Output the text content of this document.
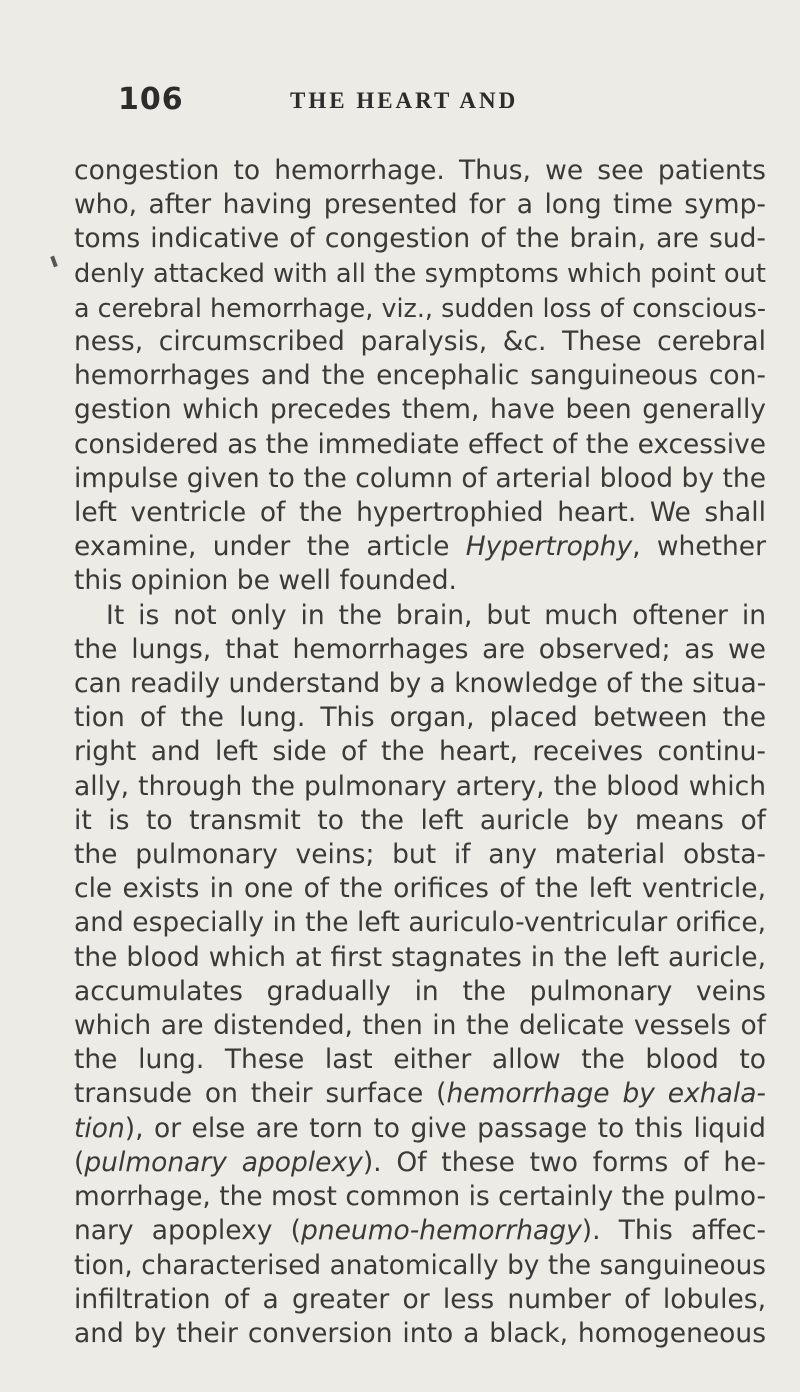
106	THE HEART AND
congestion to hemorrhage. Thus, we see patients
who, after having presented for a long time symp-
toms indicative of congestion of the brain, are sud-
denly attacked with all the symptoms which point out
a cerebral hemorrhage, viz., sudden loss of conscious-
ness, circumscribed paralysis, &c. These cerebral
hemorrhages and the encephalic sanguineous con-
gestion which precedes them, have been generally
considered as the immediate effect of the excessive
impulse given to the column of arterial blood by the
left ventricle of the hypertrophied heart. We shall
examine, under the article Hypertrophy, whether
this opinion be well founded.
It is not only in the brain, but much oftener in
the lungs, that hemorrhages are observed; as we
can readily understand by a knowledge of the situa-
tion of the lung. This organ, placed between the
right and left side of the heart, receives continu-
ally, through the pulmonary artery, the blood which
it is to transmit to the left auricle by means of
the pulmonary veins; but if any material obsta-
cle exists in one of the orifices of the left ventricle,
and especially in the left auriculo-ventricular orifice,
the blood which at first stagnates in the left auricle,
accumulates gradually in the pulmonary veins
which are distended, then in the delicate vessels of
the lung. These last either allow the blood to
transude on their surface (hemorrhage by exhala-
tion), or else are torn to give passage to this liquid
(pulmonary apoplexy). Of these two forms of he-
morrhage, the most common is certainly the pulmo-
nary apoplexy (pneumo-hemorrhagy). This affec-
tion, characterised anatomically by the sanguineous
infiltration of a greater or less number of lobules,
and by their conversion into a black, homogeneous
